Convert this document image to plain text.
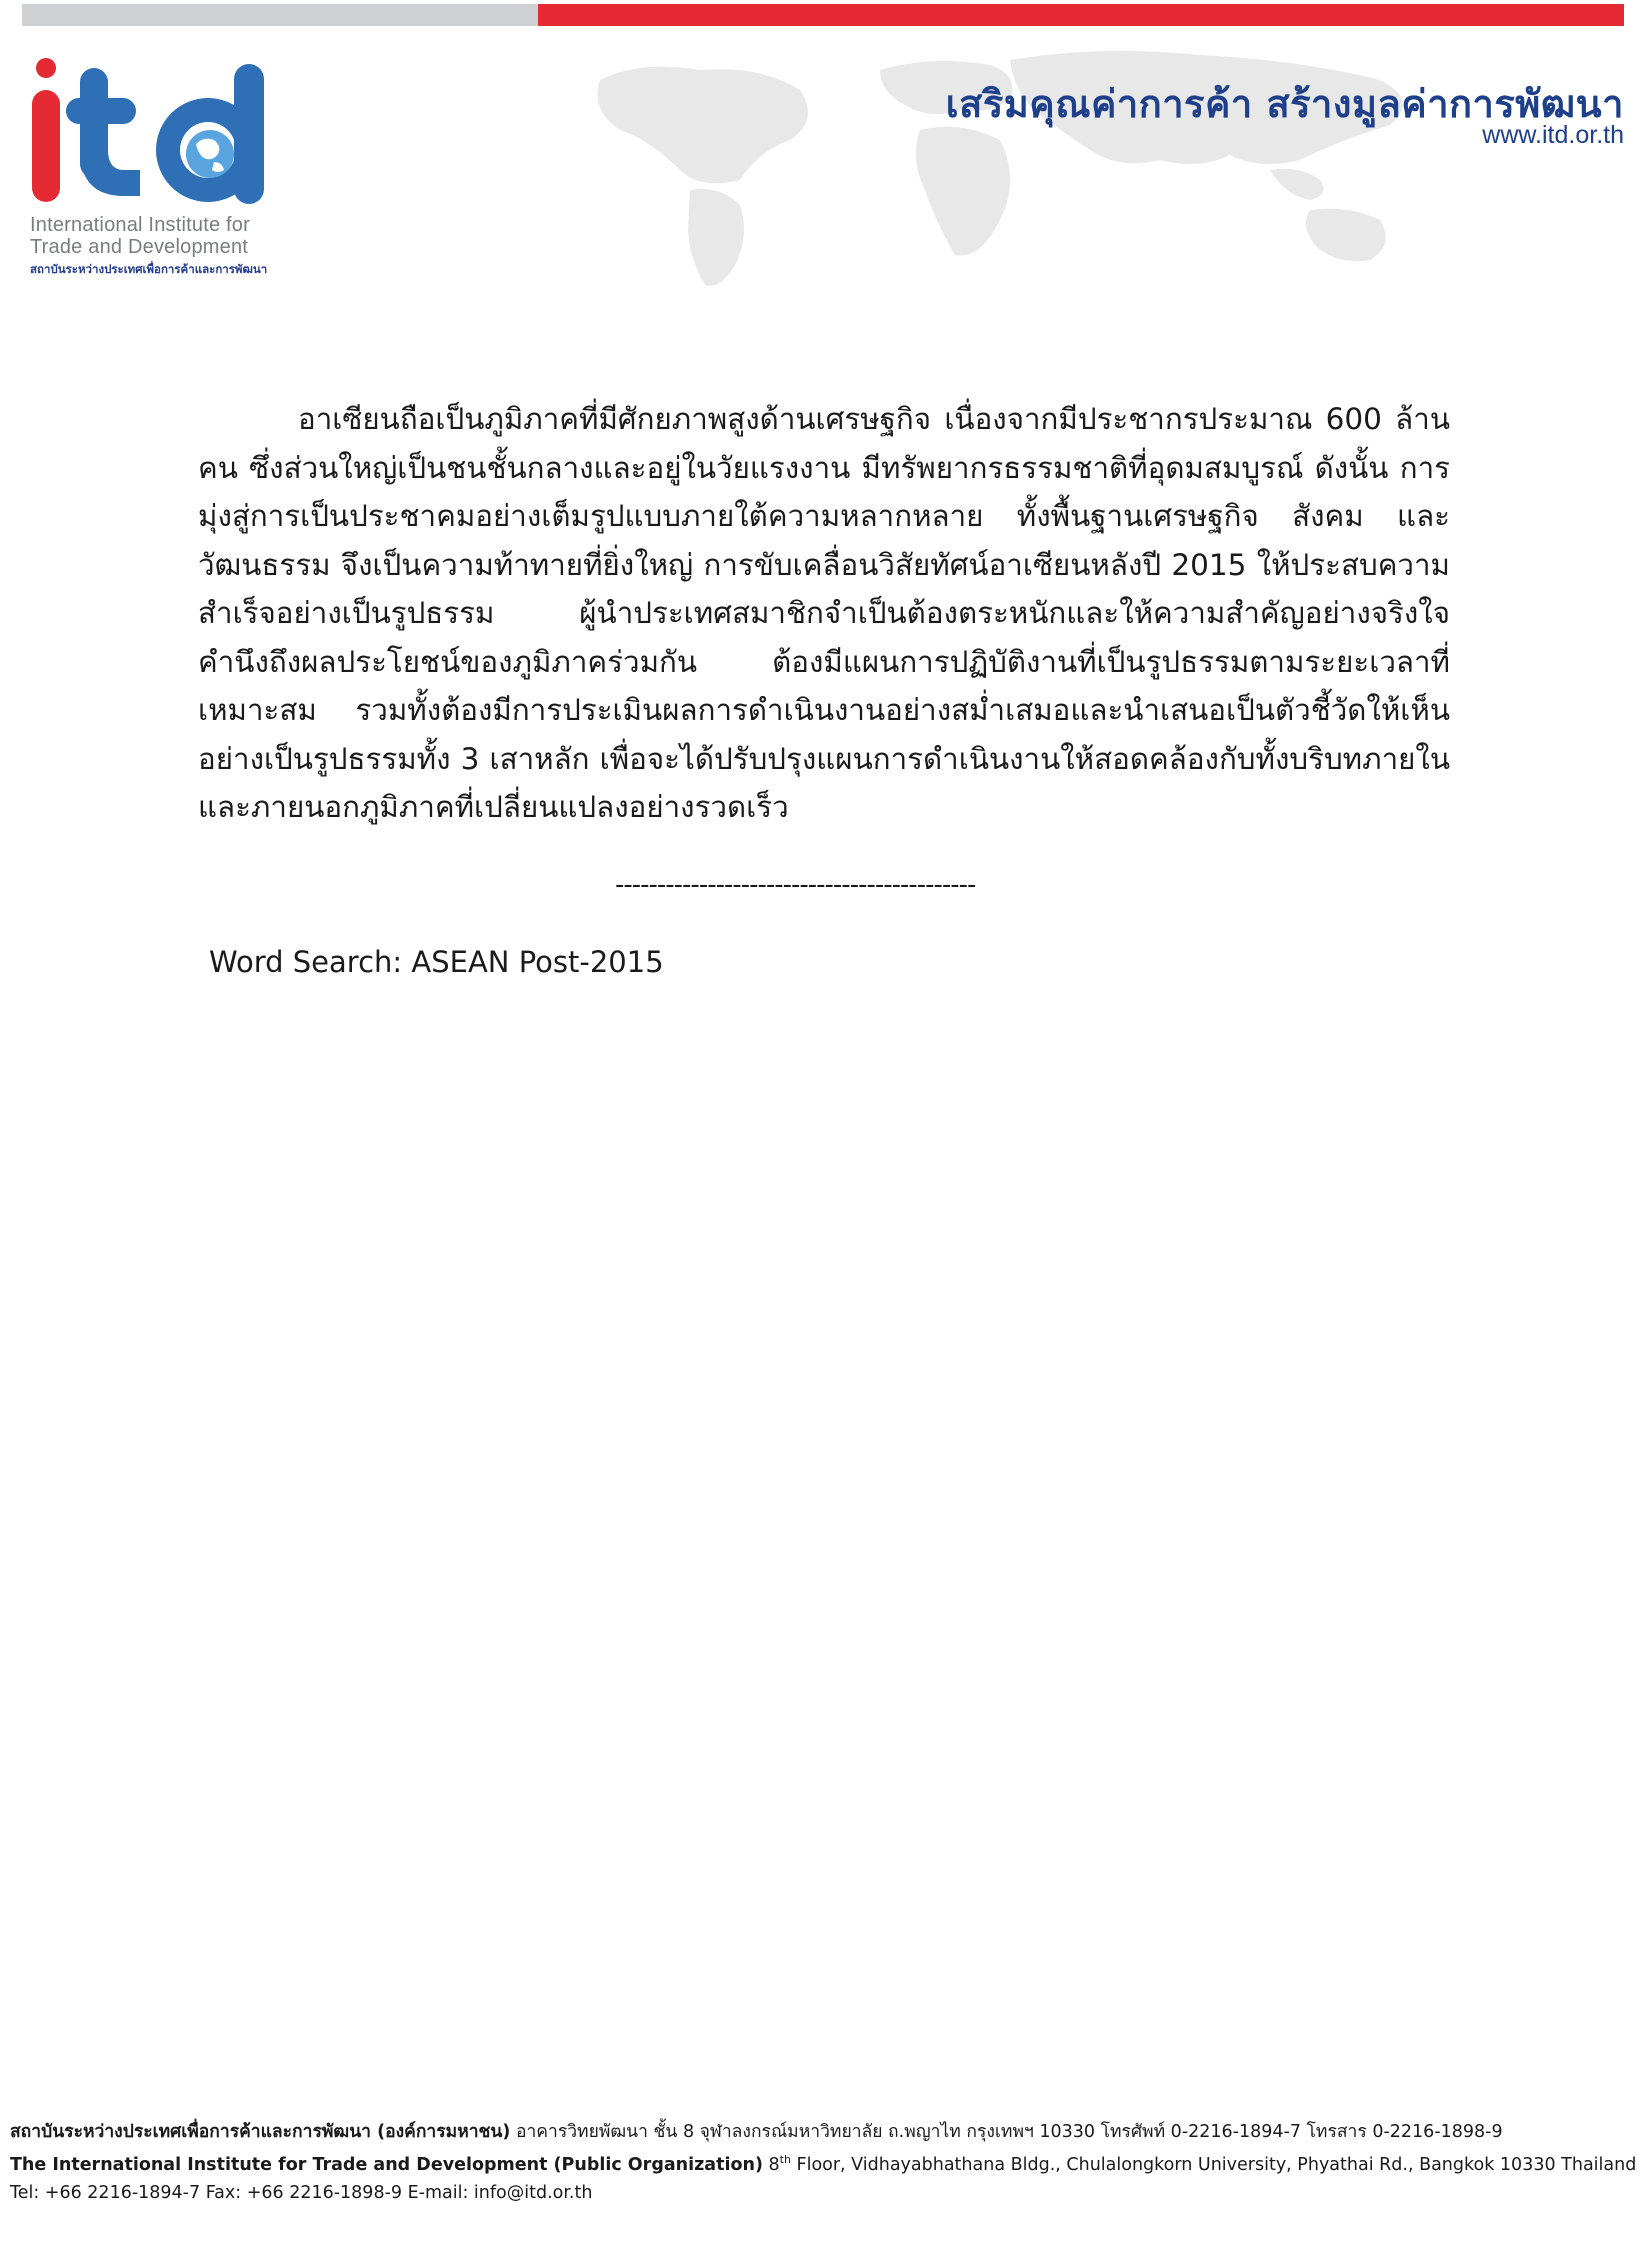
International Institute for
Trade and Development
สถาบันระหว่างประเทศเพื่อการค้าและการพัฒนา
เสริมคุณค่าการค้า สร้างมูลค่าการพัฒนา
www.itd.or.th

อาเซียนถือเป็นภูมิภาคที่มีศักยภาพสูงด้านเศรษฐกิจ เนื่องจากมีประชากรประมาณ 600 ล้านคน ซึ่งส่วนใหญ่เป็นชนชั้นกลางและอยู่ในวัยแรงงาน มีทรัพยากรธรรมชาติที่อุดมสมบูรณ์ ดังนั้น การมุ่งสู่การเป็นประชาคมอย่างเต็มรูปแบบภายใต้ความหลากหลาย ทั้งพื้นฐานเศรษฐกิจ สังคม และวัฒนธรรม จึงเป็นความท้าทายที่ยิ่งใหญ่ การขับเคลื่อนวิสัยทัศน์อาเซียนหลังปี 2015 ให้ประสบความสำเร็จอย่างเป็นรูปธรรม ผู้นำประเทศสมาชิกจำเป็นต้องตระหนักและให้ความสำคัญอย่างจริงใจ คำนึงถึงผลประโยชน์ของภูมิภาคร่วมกัน ต้องมีแผนการปฏิบัติงานที่เป็นรูปธรรมตามระยะเวลาที่เหมาะสม รวมทั้งต้องมีการประเมินผลการดำเนินงานอย่างสม่ำเสมอและนำเสนอเป็นตัวชี้วัดให้เห็นอย่างเป็นรูปธรรมทั้ง 3 เสาหลัก เพื่อจะได้ปรับปรุงแผนการดำเนินงานให้สอดคล้องกับทั้งบริบทภายในและภายนอกภูมิภาคที่เปลี่ยนแปลงอย่างรวดเร็ว

-------------------------------------------
Word Search: ASEAN Post-2015
สถาบันระหว่างประเทศเพื่อการค้าและการพัฒนา (องค์การมหาชน) อาคารวิทยพัฒนา ชั้น 8 จุฬาลงกรณ์มหาวิทยาลัย ถ.พญาไท กรุงเทพฯ 10330 โทรศัพท์ 0-2216-1894-7 โทรสาร 0-2216-1898-9
The International Institute for Trade and Development (Public Organization) 8th Floor, Vidhayabhathana Bldg., Chulalongkorn University, Phyathai Rd., Bangkok 10330 Thailand
Tel: +66 2216-1894-7 Fax: +66 2216-1898-9 E-mail: info@itd.or.th
